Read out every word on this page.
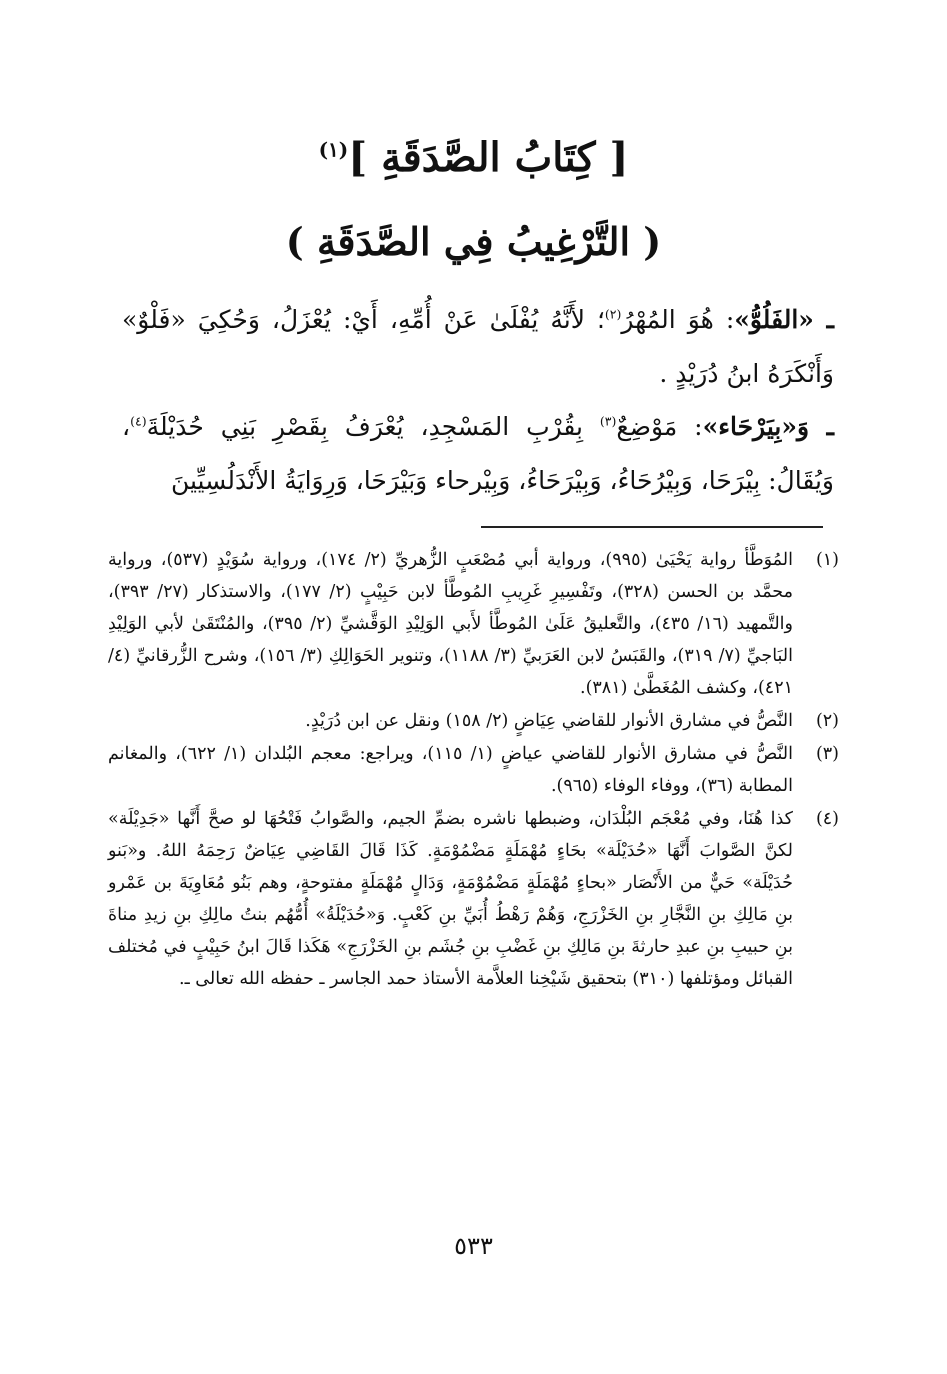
[ كِتَابُ الصَّدَقَةِ ]$^{(١)}$
( التَّرْغِيبُ فِي الصَّدَقَةِ )
ـ «الفَلُوُّ»: هُوَ المُهْرُ$^{(٢)}$؛ لأَنَّهُ يُفْلَىٰ عَنْ أُمِّهِ، أَيْ: يُعْزَلُ، وَحُكِيَ «فَلْوٌ» وَأَنْكَرَهُ ابنُ دُرَيْدٍ .
ـ وَ«بِيَرْحَاء»: مَوْضِعٌ$^{(٣)}$ بِقُرْبِ المَسْجِدِ، يُعْرَفُ بِقَصْرِ بَنِي حُدَيْلَةَ$^{(٤)}$، وَيُقَالُ: بِيْرَحَا، وَبِيْرُحَاءُ، وَبِيْرَحَاءُ، وَبِيْرحاء وَبَيْرَحَا، وَرِوَايَةُ الأَنْدَلُسِيِّينَ
(١)
المُوَطَّأ رواية يَحْيَىٰ (٩٩٥)، ورواية أبي مُصْعَبٍ الزُّهريِّ (٢/ ١٧٤)، ورواية سُوَيْدٍ (٥٣٧)، ورواية محمَّد بن الحسن (٣٢٨)، وتَفْسِيرِ غَرِيبِ المُوطَّأ لابن حَبِيْبٍ (٢/ ١٧٧)، والاستذكار (٢٧/ ٣٩٣)، والتَّمهيد (١٦/ ٤٣٥)، والتَّعليقُ عَلَىٰ المُوطَّأ لأَبي الوَلِيْدِ الوَقَّشيِّ (٢/ ٣٩٥)، والمُنْتَقَىٰ لأبي الوَلِيْدِ البَاجيِّ (٧/ ٣١٩)، والقَبَسُ لابن العَرَبيِّ (٣/ ١١٨٨)، وتنوير الحَوَالِكِ (٣/ ١٥٦)، وشرح الزُّرقانيِّ (٤/ ٤٢١)، وكشف المُغَطَّىٰ (٣٨١).
(٢)
النَّصُّ في مشارق الأنوار للقاضي عِيَاضٍ (٢/ ١٥٨) ونقل عن ابن دُرَيْدٍ.
(٣)
النَّصُّ في مشارق الأنوار للقاضي عياضٍ (١/ ١١٥)، ويراجع: معجم البُلدان (١/ ٦٢٢)، والمغانم المطابة (٣٦)، ووفاء الوفاء (٩٦٥).
(٤)
كذا هُنَا، وفي مُعْجَم البُلْدَان، وضبطها ناشره بضمِّ الجيم، والصَّوابُ فَتْحُهَا لو صحَّ أَنَّها «جَدِيْلَة» لكنَّ الصَّوابَ أَنَّهَا «حُدَيْلَة» بحَاءٍ مُهْمَلَةٍ مَضْمُوْمَةٍ. كَذَا قَالَ القَاضِي عِيَاضٌ رَحِمَهُ اللهُ. و«بَنو حُدَيْلَة» حَيٌّ من الأَنْصَار «بحاءٍ مُهْمَلَةٍ مَضْمُوْمَةٍ، وَدَالٍ مُهْمَلَةٍ مفتوحةٍ، وهم بَنُو مُعَاوِيَةَ بن عَمْرو بنِ مَالِكِ بنِ النَّجَّارِ بنِ الخَزْرَجِ، وَهُمْ رَهْطُ أُبَيِّ بنِ كَعْبٍ. وَ«حُدَيْلَةُ» أُمُّهُم بنتُ مالِكِ بنِ زيدِ مناةَ بنِ حبيبِ بنِ عبدِ حارثةَ بنِ مَالِكِ بنِ غَضْبِ بنِ جُشَم بنِ الخَزْرَجِ» هَكَذا قَالَ ابنُ حَبِيْبٍ في مُختلف القبائل ومؤتلفها (٣١٠) بتحقيق شَيْخِنا العلاَّمة الأستاذ حمد الجاسر ـ حفظه الله تعالى ـ.
٥٣٣
